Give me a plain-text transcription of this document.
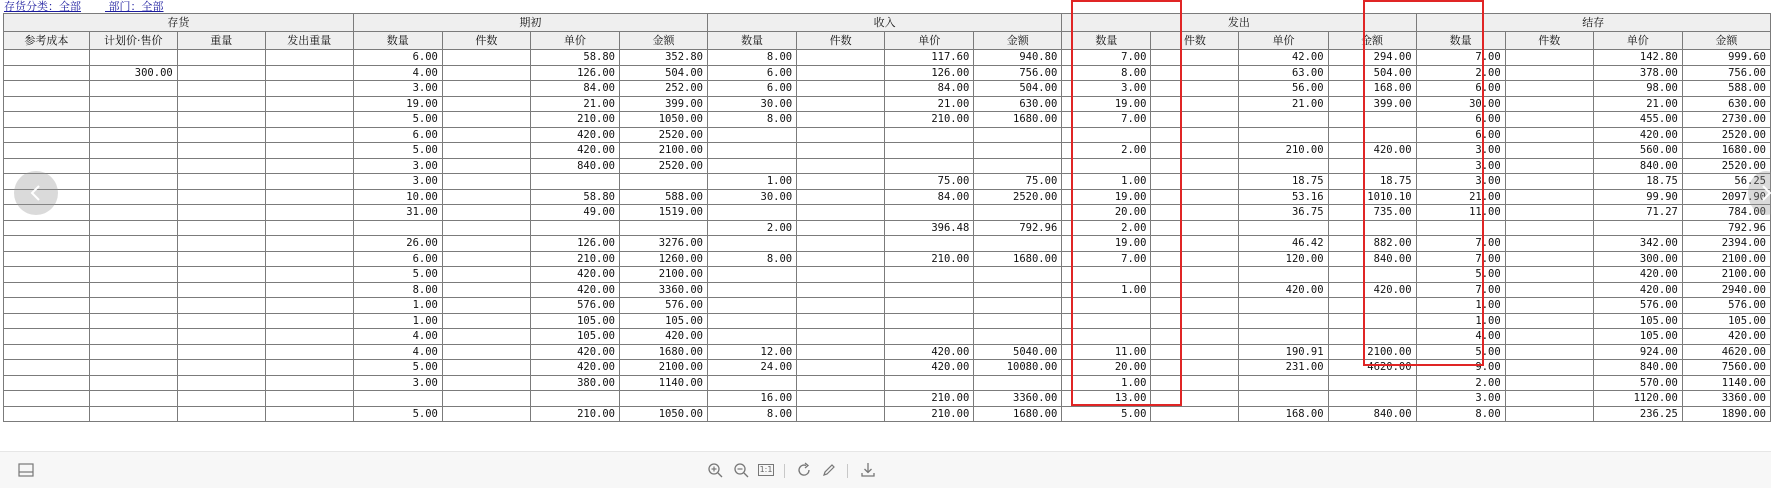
存货分类：全部	部门：全部
存货				期初				收入				发出				结存			
参考成本	计划价·售价	重量	发出重量	数量	件数	单价	金额	数量	件数	单价	金额	数量	件数	单价	金额	数量	件数	单价	金额
				6.00		58.80	352.80	8.00		117.60	940.80	7.00		42.00	294.00	7.00		142.80	999.60
	300.00			4.00		126.00	504.00	6.00		126.00	756.00	8.00		63.00	504.00	2.00		378.00	756.00
				3.00		84.00	252.00	6.00		84.00	504.00	3.00		56.00	168.00	6.00		98.00	588.00
				19.00		21.00	399.00	30.00		21.00	630.00	19.00		21.00	399.00	30.00		21.00	630.00
				5.00		210.00	1050.00	8.00		210.00	1680.00	7.00				6.00		455.00	2730.00
				6.00		420.00	2520.00									6.00		420.00	2520.00
				5.00		420.00	2100.00					2.00		210.00	420.00	3.00		560.00	1680.00
				3.00		840.00	2520.00									3.00		840.00	2520.00
				3.00				1.00		75.00	75.00	1.00		18.75	18.75	3.00		18.75	56.25
				10.00		58.80	588.00	30.00		84.00	2520.00	19.00		53.16	1010.10	21.00		99.90	2097.90
				31.00		49.00	1519.00					20.00		36.75	735.00	11.00		71.27	784.00
								2.00		396.48	792.96	2.00							792.96
				26.00		126.00	3276.00					19.00		46.42	882.00	7.00		342.00	2394.00
				6.00		210.00	1260.00	8.00		210.00	1680.00	7.00		120.00	840.00	7.00		300.00	2100.00
				5.00		420.00	2100.00									5.00		420.00	2100.00
				8.00		420.00	3360.00					1.00		420.00	420.00	7.00		420.00	2940.00
				1.00		576.00	576.00									1.00		576.00	576.00
				1.00		105.00	105.00									1.00		105.00	105.00
				4.00		105.00	420.00									4.00		105.00	420.00
				4.00		420.00	1680.00	12.00		420.00	5040.00	11.00		190.91	2100.00	5.00		924.00	4620.00
				5.00		420.00	2100.00	24.00		420.00	10080.00	20.00		231.00	4620.00	9.00		840.00	7560.00
				3.00		380.00	1140.00					1.00				2.00		570.00	1140.00
								16.00		210.00	3360.00	13.00				3.00		1120.00	3360.00
				5.00		210.00	1050.00	8.00		210.00	1680.00	5.00		168.00	840.00	8.00		236.25	1890.00
1:1
